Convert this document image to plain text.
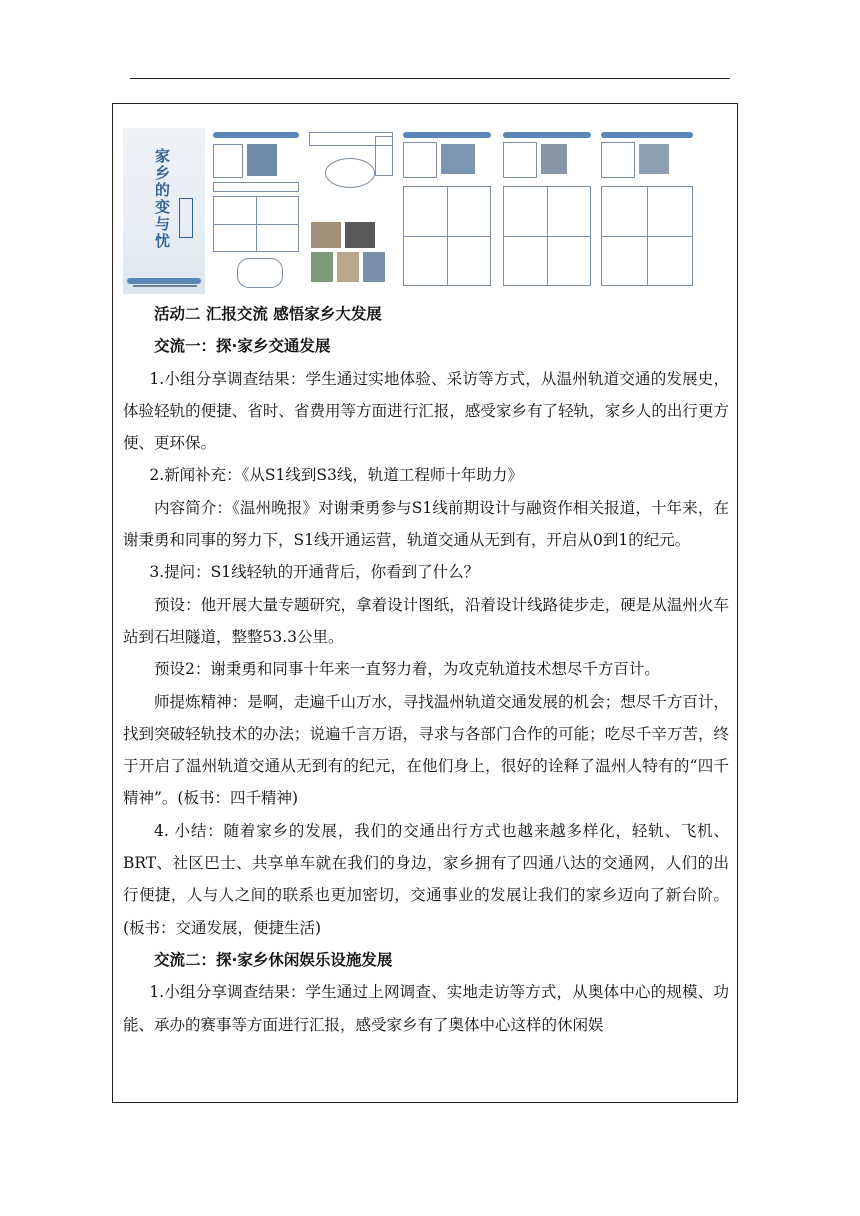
家乡的变与忧

活动二 汇报交流 感悟家乡大发展

交流一：探·家乡交通发展

1.小组分享调查结果：学生通过实地体验、采访等方式，从温州轨道交通的发展史，体验轻轨的便捷、省时、省费用等方面进行汇报，感受家乡有了轻轨，家乡人的出行更方便、更环保。

2.新闻补充：《从S1线到S3线，轨道工程师十年助力》

内容简介：《温州晚报》对谢秉勇参与S1线前期设计与融资作相关报道，十年来，在谢秉勇和同事的努力下，S1线开通运营，轨道交通从无到有，开启从0到1的纪元。

3.提问：S1线轻轨的开通背后，你看到了什么？

预设：他开展大量专题研究，拿着设计图纸，沿着设计线路徒步走，硬是从温州火车站到石坦隧道，整整53.3公里。

预设2：谢秉勇和同事十年来一直努力着，为攻克轨道技术想尽千方百计。

师提炼精神：是啊，走遍千山万水，寻找温州轨道交通发展的机会；想尽千方百计，找到突破轻轨技术的办法；说遍千言万语，寻求与各部门合作的可能；吃尽千辛万苦，终于开启了温州轨道交通从无到有的纪元，在他们身上，很好的诠释了温州人特有的“四千精神”。(板书：四千精神)

4. 小结：随着家乡的发展，我们的交通出行方式也越来越多样化，轻轨、飞机、BRT、社区巴士、共享单车就在我们的身边，家乡拥有了四通八达的交通网，人们的出行便捷，人与人之间的联系也更加密切，交通事业的发展让我们的家乡迈向了新台阶。(板书：交通发展，便捷生活)

交流二：探·家乡休闲娱乐设施发展

1.小组分享调查结果：学生通过上网调查、实地走访等方式，从奥体中心的规模、功能、承办的赛事等方面进行汇报，感受家乡有了奥体中心这样的休闲娱
